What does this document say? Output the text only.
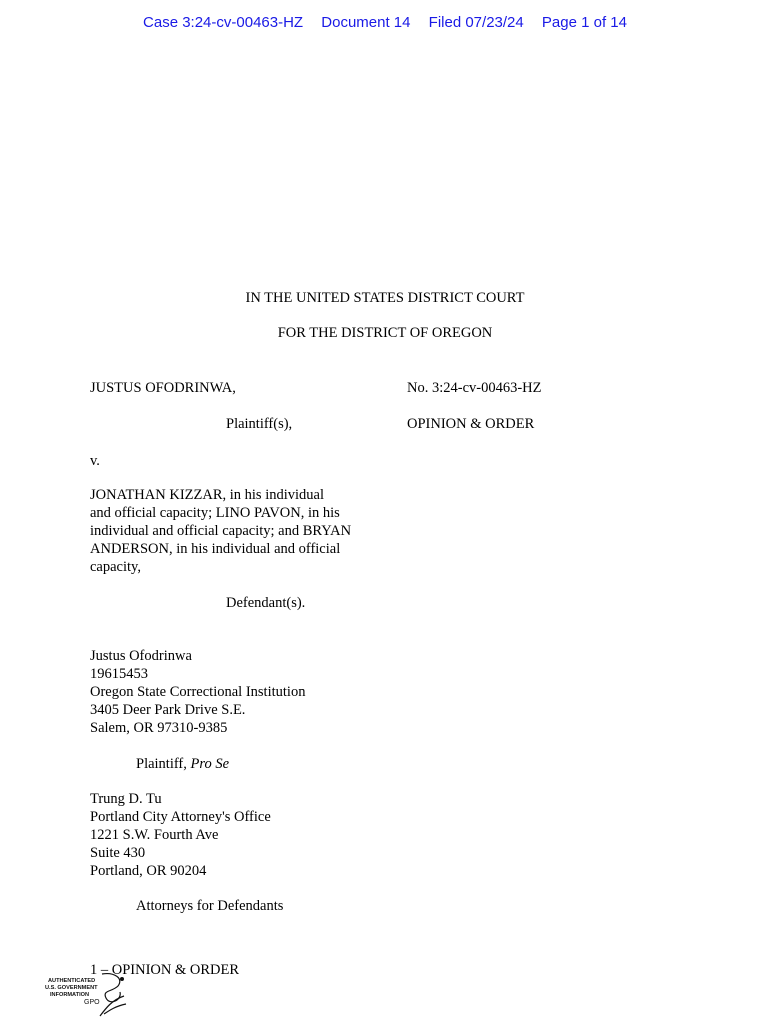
Case 3:24-cv-00463-HZ Document 14 Filed 07/23/24 Page 1 of 14
IN THE UNITED STATES DISTRICT COURT
FOR THE DISTRICT OF OREGON
JUSTUS OFODRINWA,	No. 3:24-cv-00463-HZ
Plaintiff(s),	OPINION & ORDER
v.
JONATHAN KIZZAR, in his individual
and official capacity; LINO PAVON, in his
individual and official capacity; and BRYAN
ANDERSON, in his individual and official
capacity,
Defendant(s).
Justus Ofodrinwa
19615453
Oregon State Correctional Institution
3405 Deer Park Drive S.E.
Salem, OR 97310-9385
Plaintiff, Pro Se
Trung D. Tu
Portland City Attorney's Office
1221 S.W. Fourth Ave
Suite 430
Portland, OR 90204
Attorneys for Defendants
1 – OPINION & ORDER
AUTHENTICATED
U.S. GOVERNMENT
INFORMATION
GPO
